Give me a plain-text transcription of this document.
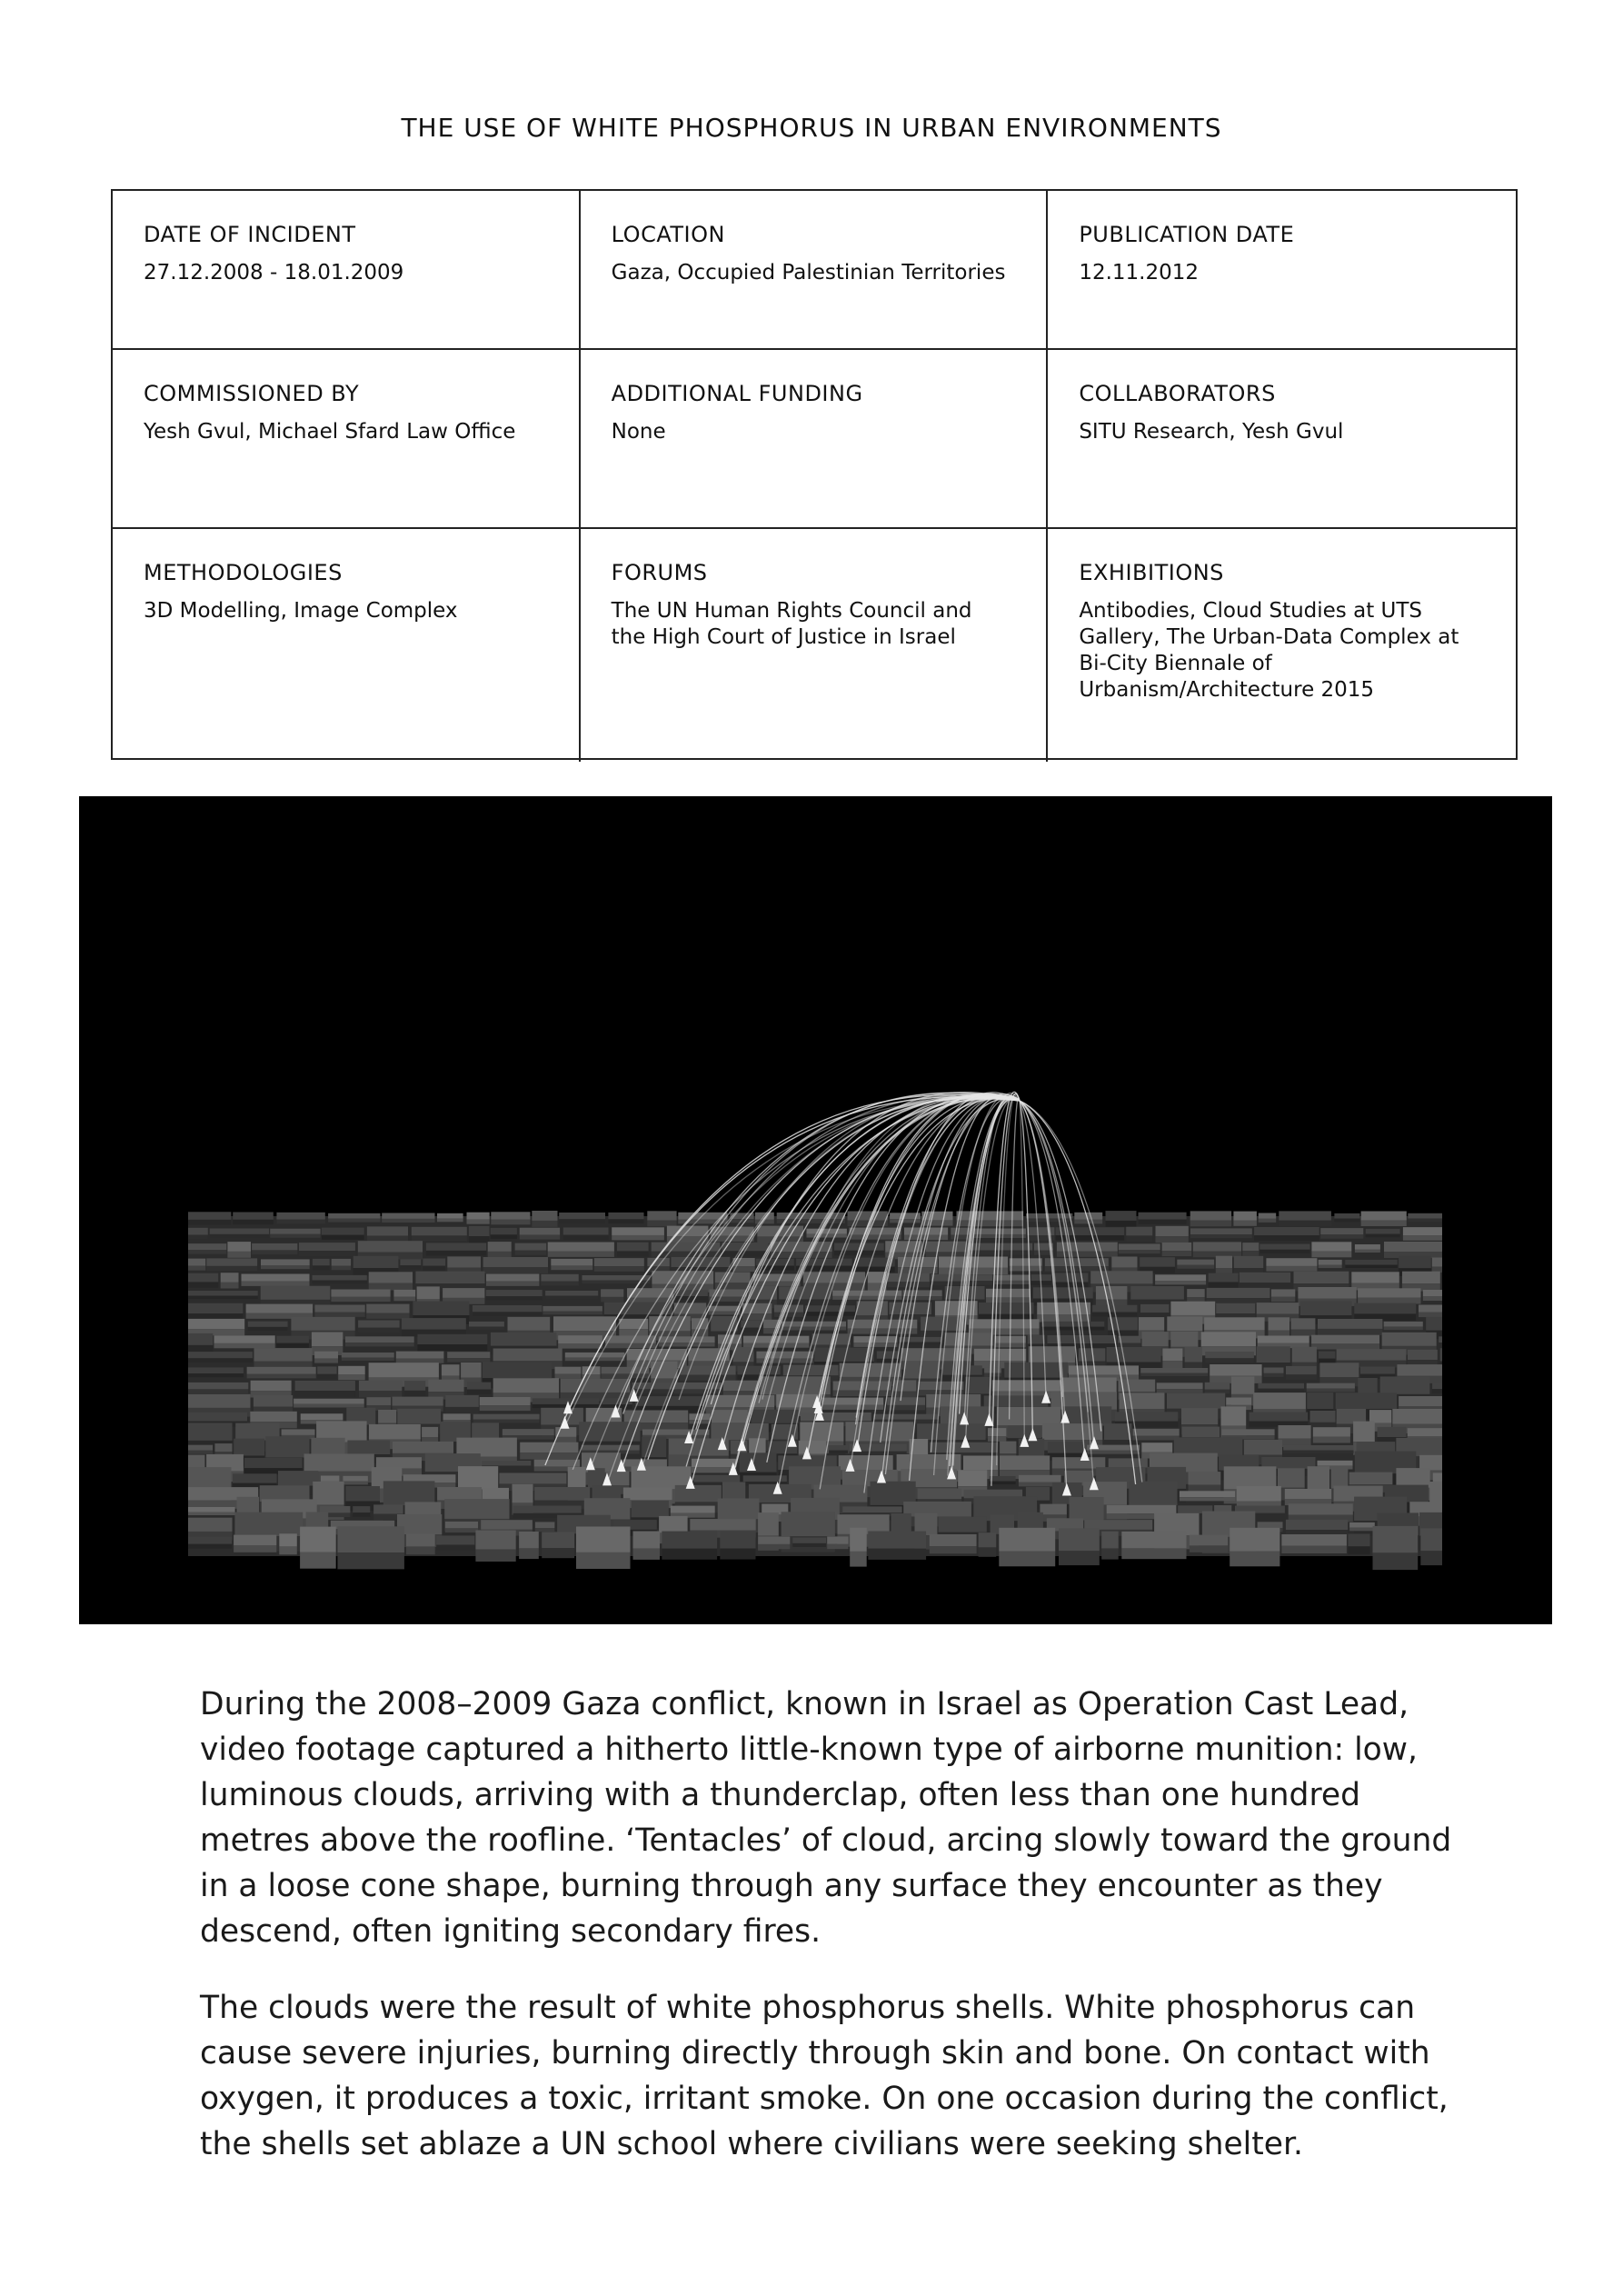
THE USE OF WHITE PHOSPHORUS IN URBAN ENVIRONMENTS
DATE OF INCIDENT
27.12.2008 - 18.01.2009
LOCATION
Gaza, Occupied Palestinian Territories
PUBLICATION DATE
12.11.2012
COMMISSIONED BY
Yesh Gvul, Michael Sfard Law Office
ADDITIONAL FUNDING
None
COLLABORATORS
SITU Research, Yesh Gvul
METHODOLOGIES
3D Modelling, Image Complex
FORUMS
The UN Human Rights Council and the High Court of Justice in Israel
EXHIBITIONS
Antibodies, Cloud Studies at UTS Gallery, The Urban-Data Complex at Bi-City Biennale of Urbanism/Architecture 2015

During the 2008–2009 Gaza conflict, known in Israel as Operation Cast Lead, video footage captured a hitherto little-known type of airborne munition: low, luminous clouds, arriving with a thunderclap, often less than one hundred metres above the roofline. ‘Tentacles’ of cloud, arcing slowly toward the ground in a loose cone shape, burning through any surface they encounter as they descend, often igniting secondary fires.

The clouds were the result of white phosphorus shells. White phosphorus can cause severe injuries, burning directly through skin and bone. On contact with oxygen, it produces a toxic, irritant smoke. On one occasion during the conflict, the shells set ablaze a UN school where civilians were seeking shelter.
